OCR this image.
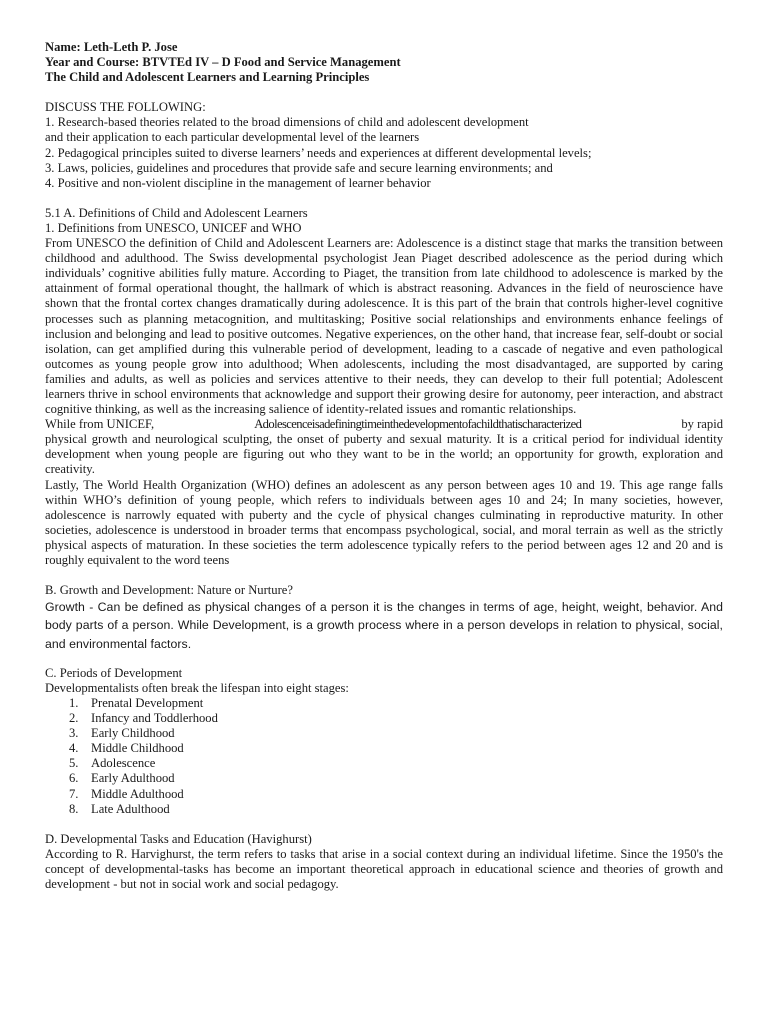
Name: Leth-Leth P. Jose

Year and Course: BTVTEd IV – D Food and Service Management

The Child and Adolescent Learners and Learning Principles

DISCUSS THE FOLLOWING:

1. Research-based theories related to the broad dimensions of child and adolescent development

and their application to each particular developmental level of the learners

2. Pedagogical principles suited to diverse learners’ needs and experiences at different developmental levels;

3. Laws, policies, guidelines and procedures that provide safe and secure learning environments; and

4. Positive and non-violent discipline in the management of learner behavior

5.1 A. Definitions of Child and Adolescent Learners

1. Definitions from UNESCO, UNICEF and WHO

From UNESCO the definition of Child and Adolescent Learners are: Adolescence is a distinct stage that marks the transition between childhood and adulthood. The Swiss developmental psychologist Jean Piaget described adolescence as the period during which individuals’ cognitive abilities fully mature. According to Piaget, the transition from late childhood to adolescence is marked by the attainment of formal operational thought, the hallmark of which is abstract reasoning. Advances in the field of neuroscience have shown that the frontal cortex changes dramatically during adolescence. It is this part of the brain that controls higher-level cognitive processes such as planning metacognition, and multitasking; Positive social relationships and environments enhance feelings of inclusion and belonging and lead to positive outcomes. Negative experiences, on the other hand, that increase fear, self-doubt or social isolation, can get amplified during this vulnerable period of development, leading to a cascade of negative and even pathological outcomes as young people grow into adulthood; When adolescents, including the most disadvantaged, are supported by caring families and adults, as well as policies and services attentive to their needs, they can develop to their full potential; Adolescent learners thrive in school environments that acknowledge and support their growing desire for autonomy, peer interaction, and abstract cognitive thinking, as well as the increasing salience of identity-related issues and romantic relationships.

While from UNICEF,	Adolescenceisadefiningtimeinthedevelopmentofachildthatischaracterized	by rapid

physical growth and neurological sculpting, the onset of puberty and sexual maturity. It is a critical period for individual identity development when young people are figuring out who they want to be in the world; an opportunity for growth, exploration and creativity.

Lastly, The World Health Organization (WHO) defines an adolescent as any person between ages 10 and 19. This age range falls within WHO’s definition of young people, which refers to individuals between ages 10 and 24; In many societies, however, adolescence is narrowly equated with puberty and the cycle of physical changes culminating in reproductive maturity. In other societies, adolescence is understood in broader terms that encompass psychological, social, and moral terrain as well as the strictly physical aspects of maturation. In these societies the term adolescence typically refers to the period between ages 12 and 20 and is roughly equivalent to the word teens

B. Growth and Development: Nature or Nurture?

Growth - Can be defined as physical changes of a person it is the changes in terms of age, height, weight, behavior. And body parts of a person. While Development, is a growth process where in a person develops in relation to physical, social, and environmental factors.

C. Periods of Development

Developmentalists often break the lifespan into eight stages:

1. Prenatal Development
2. Infancy and Toddlerhood
3. Early Childhood
4. Middle Childhood
5. Adolescence
6. Early Adulthood
7. Middle Adulthood
8. Late Adulthood

D. Developmental Tasks and Education (Havighurst)

According to R. Harvighurst, the term refers to tasks that arise in a social context during an individual lifetime. Since the 1950's the concept of developmental-tasks has become an important theoretical approach in educational science and theories of growth and development - but not in social work and social pedagogy.
